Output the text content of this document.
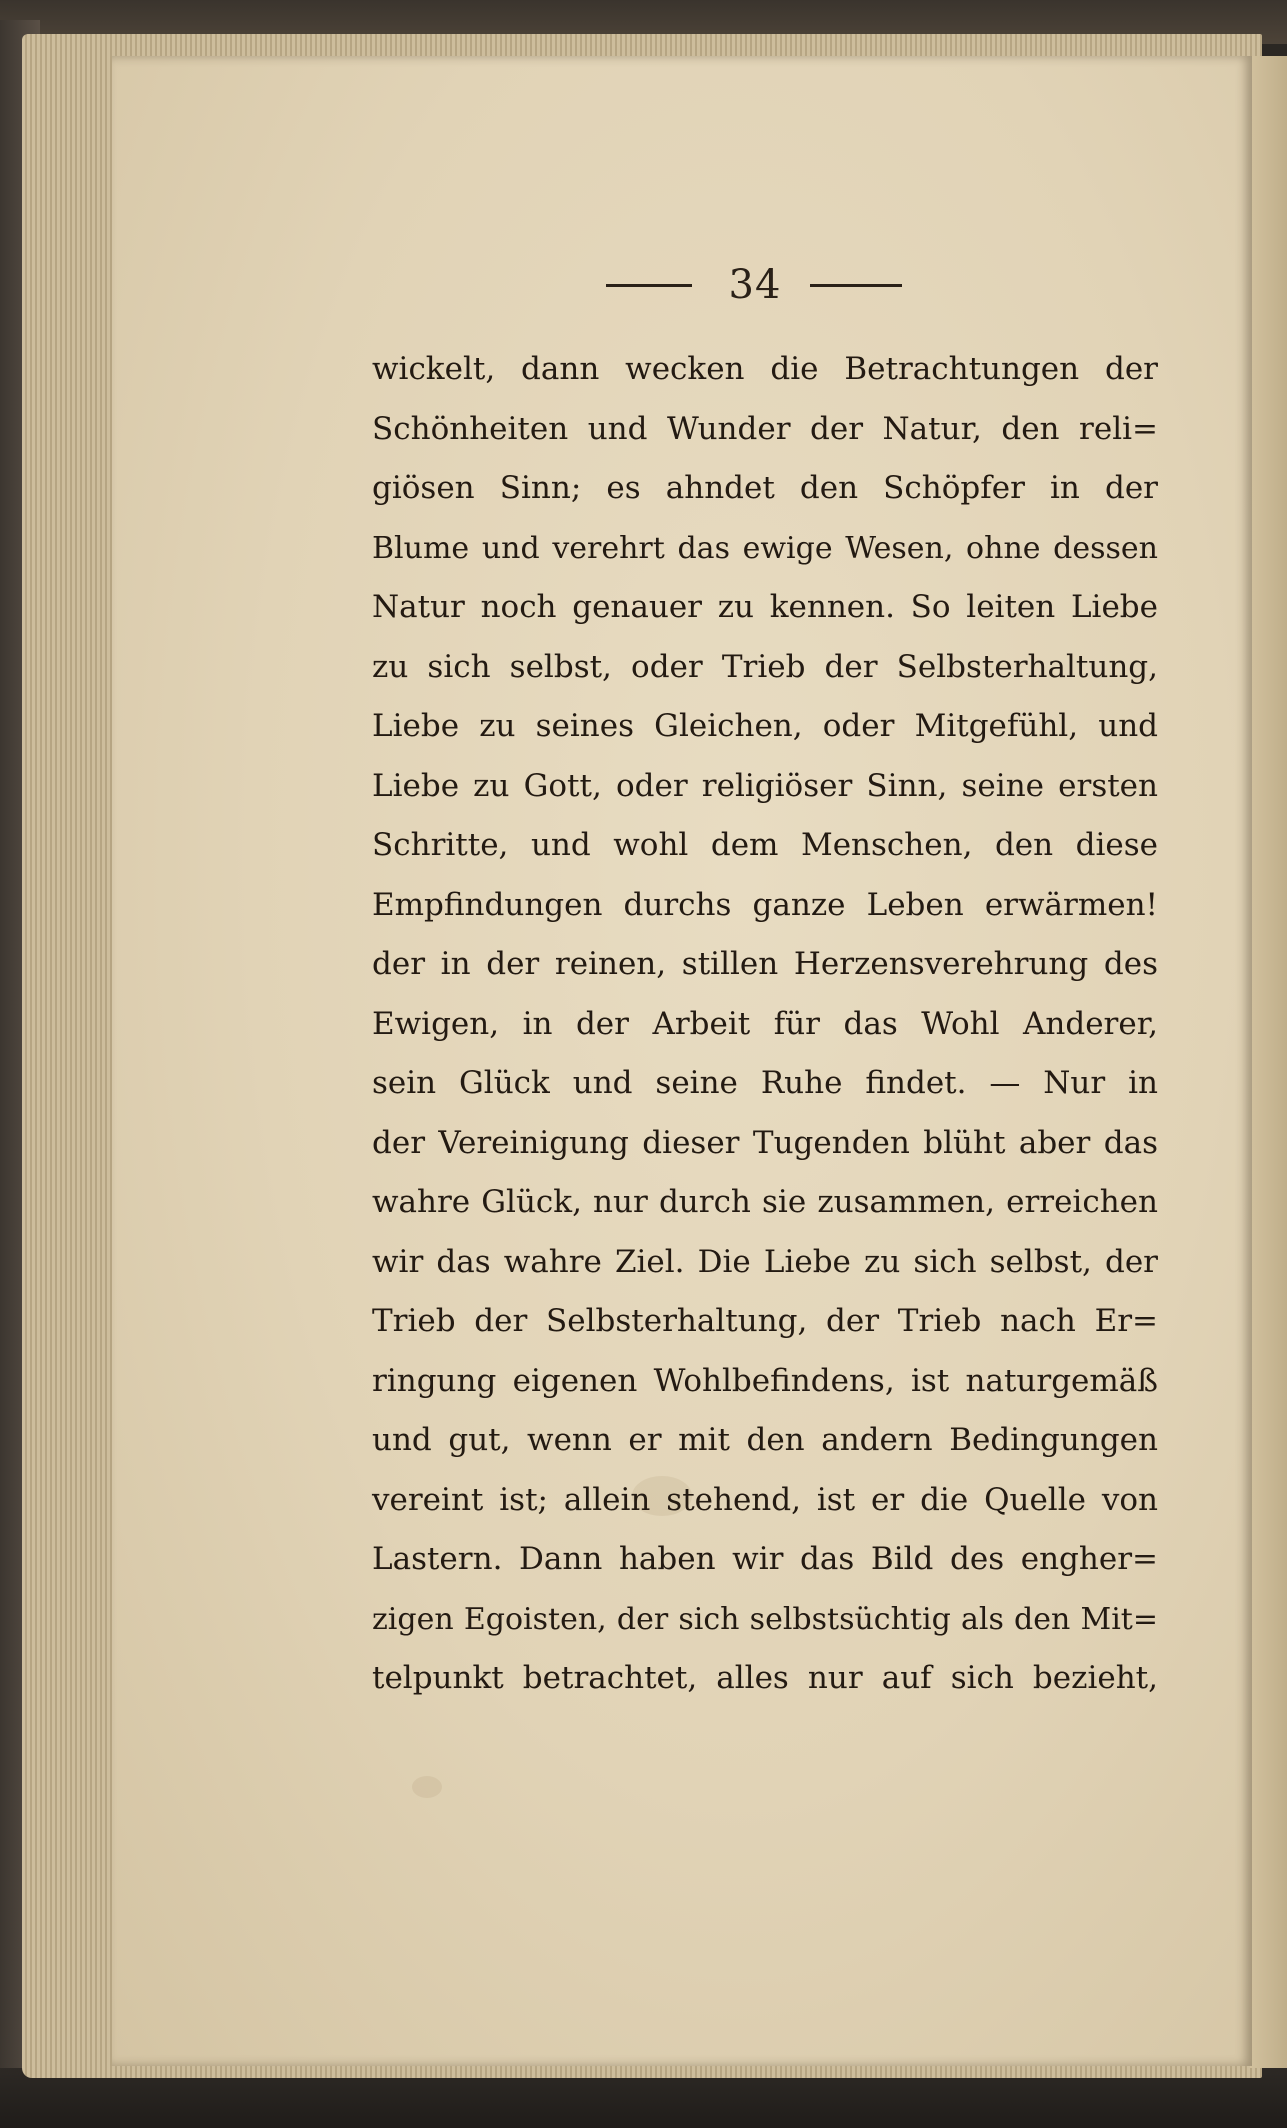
34
wickelt, dann wecken die Betrachtungen der
Schönheiten und Wunder der Natur, den reli=
giösen Sinn; es ahndet den Schöpfer in der
Blume und verehrt das ewige Wesen, ohne dessen
Natur noch genauer zu kennen. So leiten Liebe
zu sich selbst, oder Trieb der Selbsterhaltung,
Liebe zu seines Gleichen, oder Mitgefühl, und
Liebe zu Gott, oder religiöser Sinn, seine ersten
Schritte, und wohl dem Menschen, den diese
Empfindungen durchs ganze Leben erwärmen!
der in der reinen, stillen Herzensverehrung des
Ewigen, in der Arbeit für das Wohl Anderer,
sein Glück und seine Ruhe findet. — Nur in
der Vereinigung dieser Tugenden blüht aber das
wahre Glück, nur durch sie zusammen, erreichen
wir das wahre Ziel. Die Liebe zu sich selbst, der
Trieb der Selbsterhaltung, der Trieb nach Er=
ringung eigenen Wohlbefindens, ist naturgemäß
und gut, wenn er mit den andern Bedingungen
vereint ist; allein stehend, ist er die Quelle von
Lastern. Dann haben wir das Bild des engher=
zigen Egoisten, der sich selbstsüchtig als den Mit=
telpunkt betrachtet, alles nur auf sich bezieht,
